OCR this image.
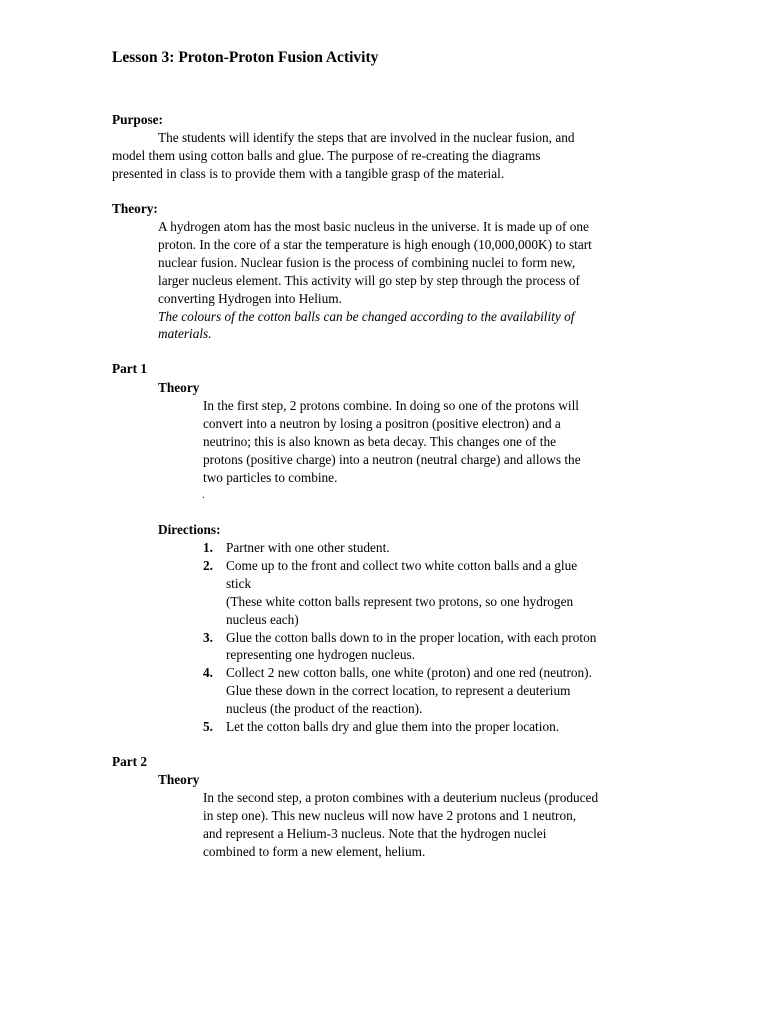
Lesson 3: Proton-Proton Fusion Activity
Purpose:
The students will identify the steps that are involved in the nuclear fusion, and
model them using cotton balls and glue. The purpose of re-creating the diagrams
presented in class is to provide them with a tangible grasp of the material.
Theory:
A hydrogen atom has the most basic nucleus in the universe. It is made up of one
proton. In the core of a star the temperature is high enough (10,000,000K) to start
nuclear fusion. Nuclear fusion is the process of combining nuclei to form new,
larger nucleus element. This activity will go step by step through the process of
converting Hydrogen into Helium.
The colours of the cotton balls can be changed according to the availability of
materials.
Part 1
Theory
In the first step, 2 protons combine. In doing so one of the protons will
convert into a neutron by losing a positron (positive electron) and a
neutrino; this is also known as beta decay. This changes one of the
protons (positive charge) into a neutron (neutral charge) and allows the
two particles to combine.
.
Directions:
1. Partner with one other student.
2. Come up to the front and collect two white cotton balls and a glue
stick
(These white cotton balls represent two protons, so one hydrogen
nucleus each)
3. Glue the cotton balls down to in the proper location, with each proton
representing one hydrogen nucleus.
4. Collect 2 new cotton balls, one white (proton) and one red (neutron).
Glue these down in the correct location, to represent a deuterium
nucleus (the product of the reaction).
5. Let the cotton balls dry and glue them into the proper location.
Part 2
Theory
In the second step, a proton combines with a deuterium nucleus (produced
in step one). This new nucleus will now have 2 protons and 1 neutron,
and represent a Helium-3 nucleus. Note that the hydrogen nuclei
combined to form a new element, helium.
